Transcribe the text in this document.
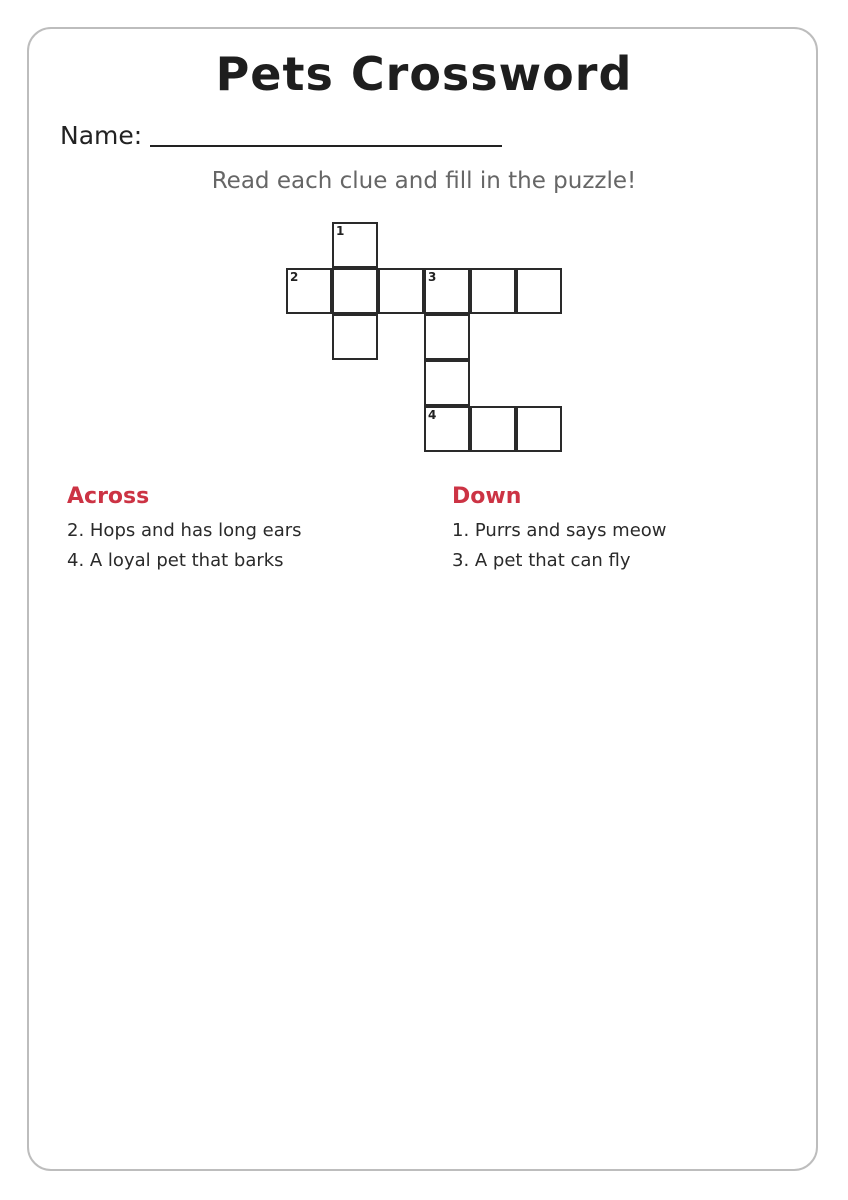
Pets Crossword
Name:
Read each clue and fill in the puzzle!
1
2	3
4
Across
2. Hops and has long ears
4. A loyal pet that barks
Down
1. Purrs and says meow
3. A pet that can fly
